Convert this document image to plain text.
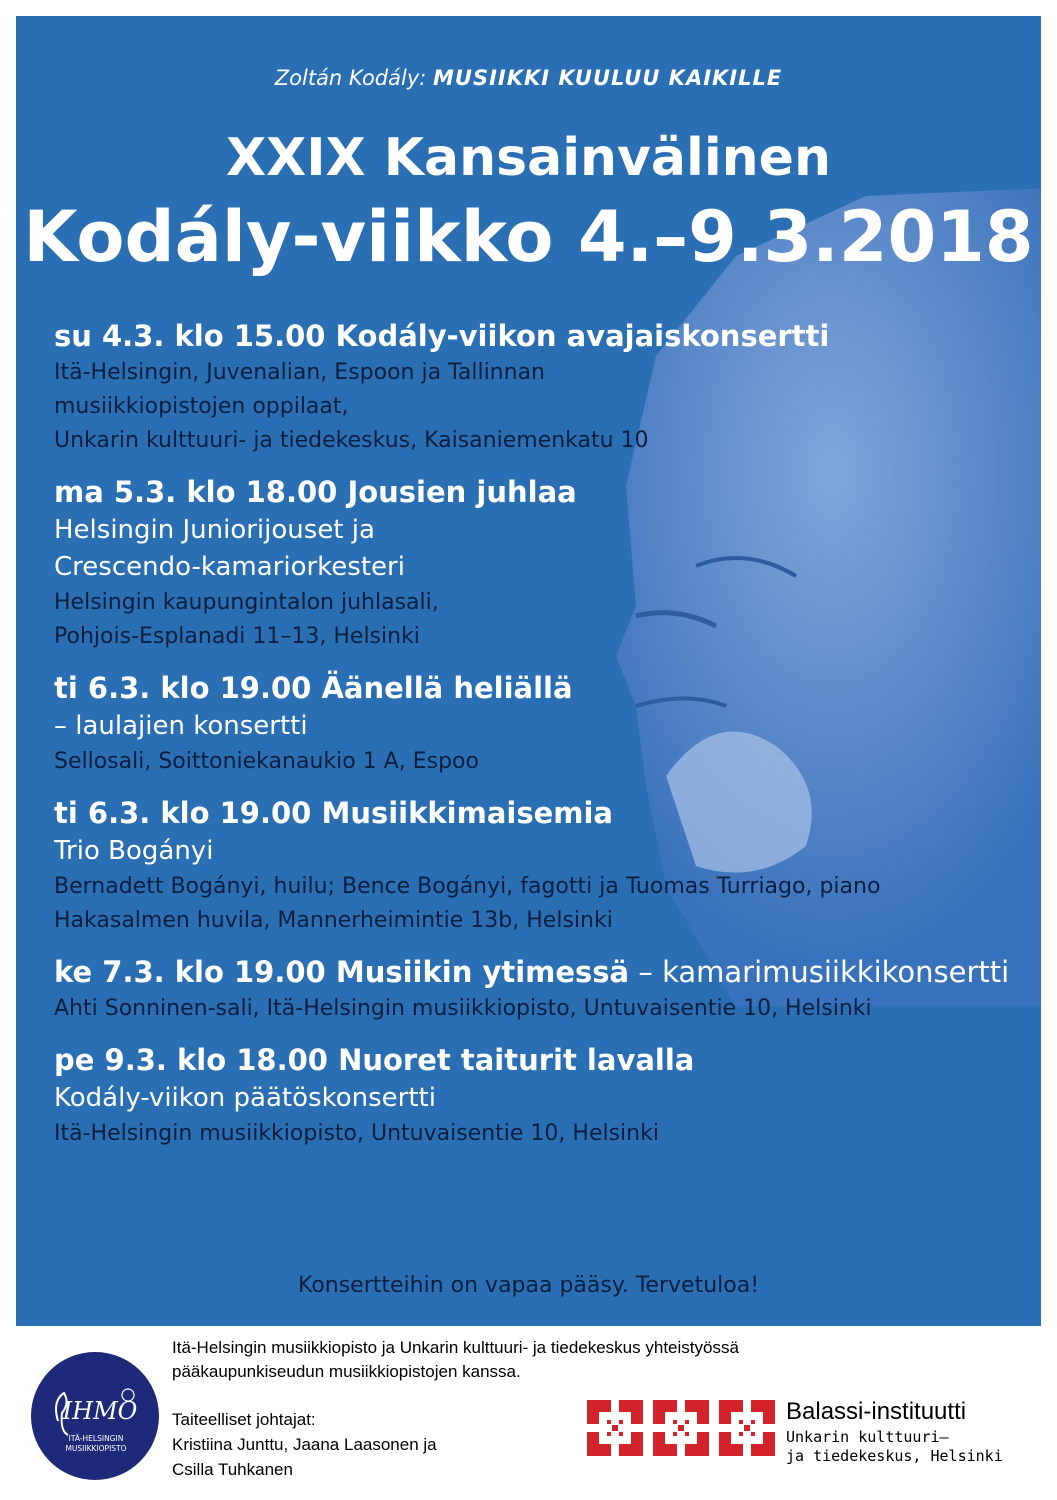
Zoltán Kodály: MUSIIKKI KUULUU KAIKILLE
XXIX Kansainvälinen
Kodály-viikko 4.–9.3.2018
su 4.3. klo 15.00 Kodály-viikon avajaiskonsertti
Itä-Helsingin, Juvenalian, Espoon ja Tallinnan
musiikkiopistojen oppilaat,
Unkarin kulttuuri- ja tiedekeskus, Kaisaniemenkatu 10
ma 5.3. klo 18.00 Jousien juhlaa
Helsingin Juniorijouset ja
Crescendo-kamariorkesteri
Helsingin kaupungintalon juhlasali,
Pohjois-Esplanadi 11–13, Helsinki
ti 6.3. klo 19.00 Äänellä heliällä
– laulajien konsertti
Sellosali, Soittoniekanaukio 1 A, Espoo
ti 6.3. klo 19.00 Musiikkimaisemia
Trio Bogányi
Bernadett Bogányi, huilu; Bence Bogányi, fagotti ja Tuomas Turriago, piano
Hakasalmen huvila, Mannerheimintie 13b, Helsinki
ke 7.3. klo 19.00 Musiikin ytimessä – kamarimusiikkikonsertti
Ahti Sonninen-sali, Itä-Helsingin musiikkiopisto, Untuvaisentie 10, Helsinki
pe 9.3. klo 18.00 Nuoret taiturit lavalla
Kodály-viikon päätöskonsertti
Itä-Helsingin musiikkiopisto, Untuvaisentie 10, Helsinki
Konsertteihin on vapaa pääsy. Tervetuloa!
Itä-Helsingin musiikkiopisto ja Unkarin kulttuuri- ja tiedekeskus yhteistyössä
pääkaupunkiseudun musiikkiopistojen kanssa.
Taiteelliset johtajat:
Kristiina Junttu, Jaana Laasonen ja
Csilla Tuhkanen
IHMO
ITÄ-HELSINGIN
MUSIIKKIOPISTO
Balassi-instituutti
Unkarin kulttuuri–
ja tiedekeskus, Helsinki
